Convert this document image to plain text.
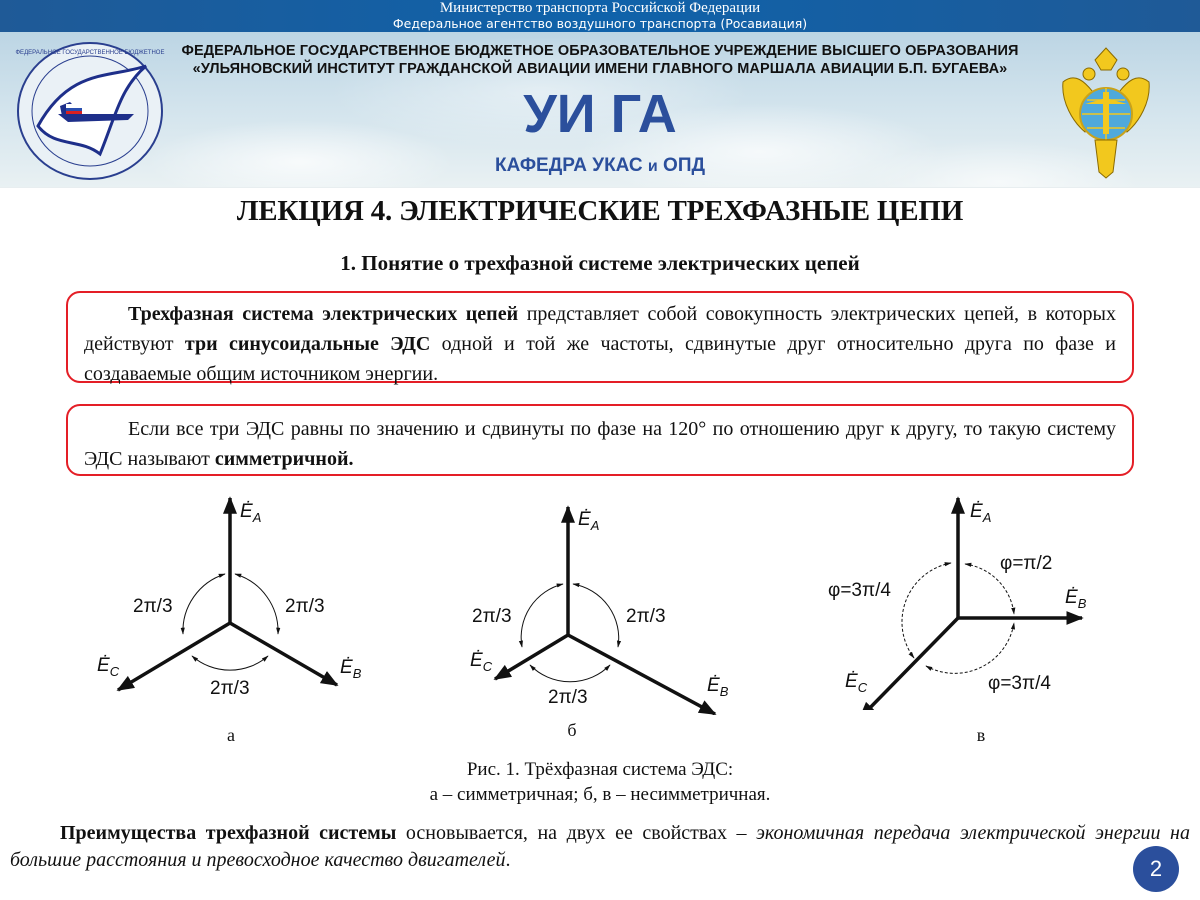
Министерство транспорта Российской Федерации
Федеральное агентство воздушного транспорта (Росавиация)
ФЕДЕРАЛЬНОЕ ГОСУДАРСТВЕННОЕ БЮДЖЕТНОЕ	ФЕДЕРАЛЬНОЕ ГОСУДАРСТВЕННОЕ БЮДЖЕТНОЕ ОБРАЗОВАТЕЛЬНОЕ УЧРЕЖДЕНИЕ ВЫСШЕГО ОБРАЗОВАНИЯ
«УЛЬЯНОВСКИЙ ИНСТИТУТ ГРАЖДАНСКОЙ АВИАЦИИ ИМЕНИ ГЛАВНОГО МАРШАЛА АВИАЦИИ Б.П. БУГАЕВА»
УИ ГА
КАФЕДРА УКАС и ОПД
ЛЕКЦИЯ 4. ЭЛЕКТРИЧЕСКИЕ ТРЕХФАЗНЫЕ ЦЕПИ
1. Понятие о трехфазной системе электрических цепей

Трехфазная система электрических цепей представляет собой совокупность электрических цепей, в которых действуют три синусоидальные ЭДС одной и той же частоты, сдвинутые друг относительно друга по фазе и создаваемые общим источником энергии.

Если все три ЭДС равны по значению и сдвинуты по фазе на 120° по отношению друг к другу, то такую систему ЭДС называют симметричной.

$Ė_A$
$Ė_B$
$Ė_C$
2π/3	2π/3
2π/3
а
$Ė_A$
$Ė_B$
$Ė_C$
2π/3	2π/3
2π/3
б
$Ė_A$
$Ė_B$
$Ė_C$
φ=π/2
φ=3π/4
φ=3π/4
в
Рис. 1. Трёхфазная система ЭДС:
а – симметричная; б, в – несимметричная.
Преимущества трехфазной системы основывается, на двух ее свойствах – экономичная передача электрической энергии на большие расстояния и превосходное качество двигателей.	2
